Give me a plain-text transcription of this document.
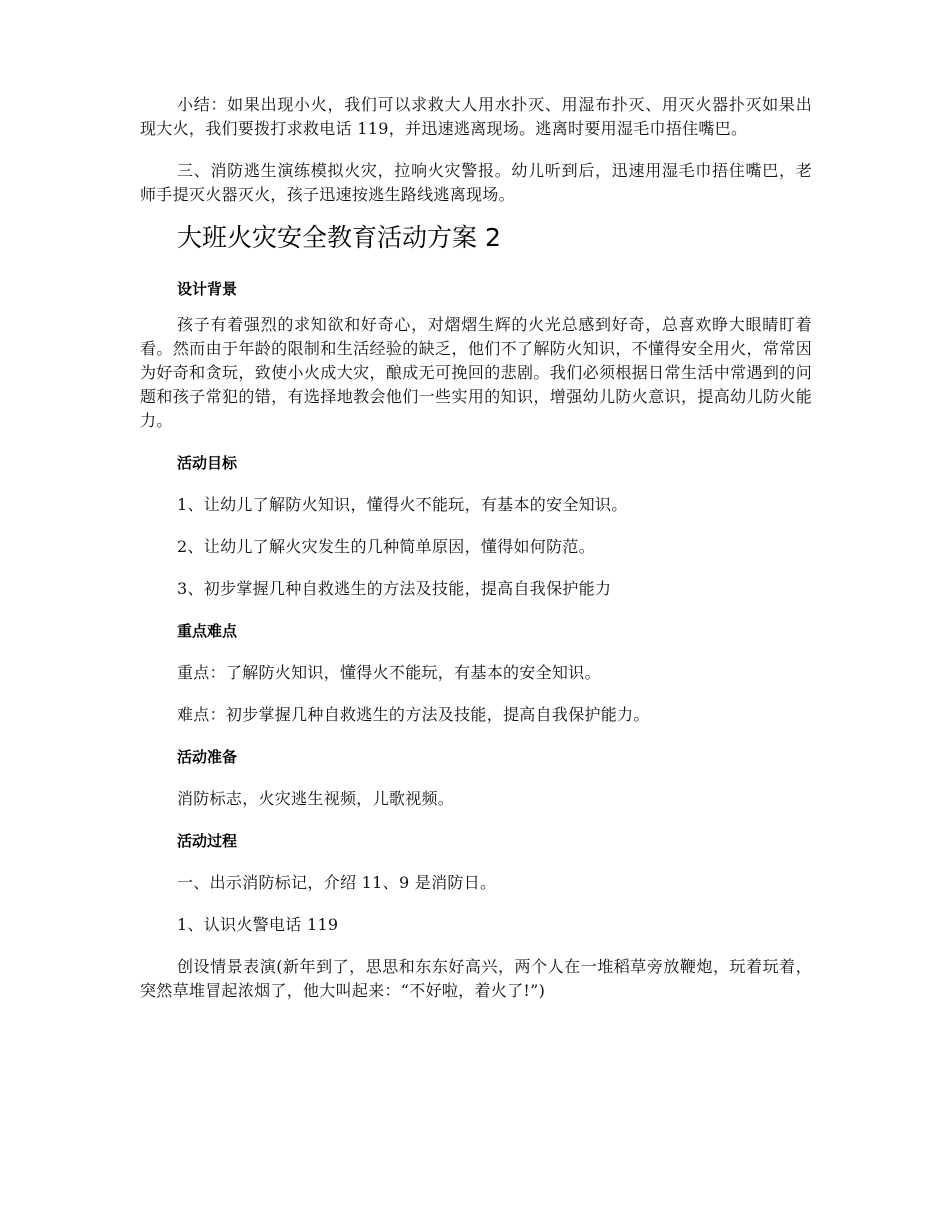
小结：如果出现小火，我们可以求救大人用水扑灭、用湿布扑灭、用灭火器扑灭如果出现大火，我们要拨打求救电话 119，并迅速逃离现场。逃离时要用湿毛巾捂住嘴巴。

三、消防逃生演练模拟火灾，拉响火灾警报。幼儿听到后，迅速用湿毛巾捂住嘴巴，老师手提灭火器灭火，孩子迅速按逃生路线逃离现场。

大班火灾安全教育活动方案 2
设计背景

孩子有着强烈的求知欲和好奇心，对熠熠生辉的火光总感到好奇，总喜欢睁大眼睛盯着看。然而由于年龄的限制和生活经验的缺乏，他们不了解防火知识，不懂得安全用火，常常因为好奇和贪玩，致使小火成大灾，酿成无可挽回的悲剧。我们必须根据日常生活中常遇到的问题和孩子常犯的错，有选择地教会他们一些实用的知识，增强幼儿防火意识，提高幼儿防火能力。

活动目标

1、让幼儿了解防火知识，懂得火不能玩，有基本的安全知识。

2、让幼儿了解火灾发生的几种简单原因，懂得如何防范。

3、初步掌握几种自救逃生的方法及技能，提高自我保护能力

重点难点

重点：了解防火知识，懂得火不能玩，有基本的安全知识。

难点：初步掌握几种自救逃生的方法及技能，提高自我保护能力。

活动准备

消防标志，火灾逃生视频，儿歌视频。

活动过程

一、出示消防标记，介绍 11、9 是消防日。

1、认识火警电话 119

创设情景表演(新年到了，思思和东东好高兴，两个人在一堆稻草旁放鞭炮，玩着玩着，突然草堆冒起浓烟了，他大叫起来：“不好啦，着火了!”)
